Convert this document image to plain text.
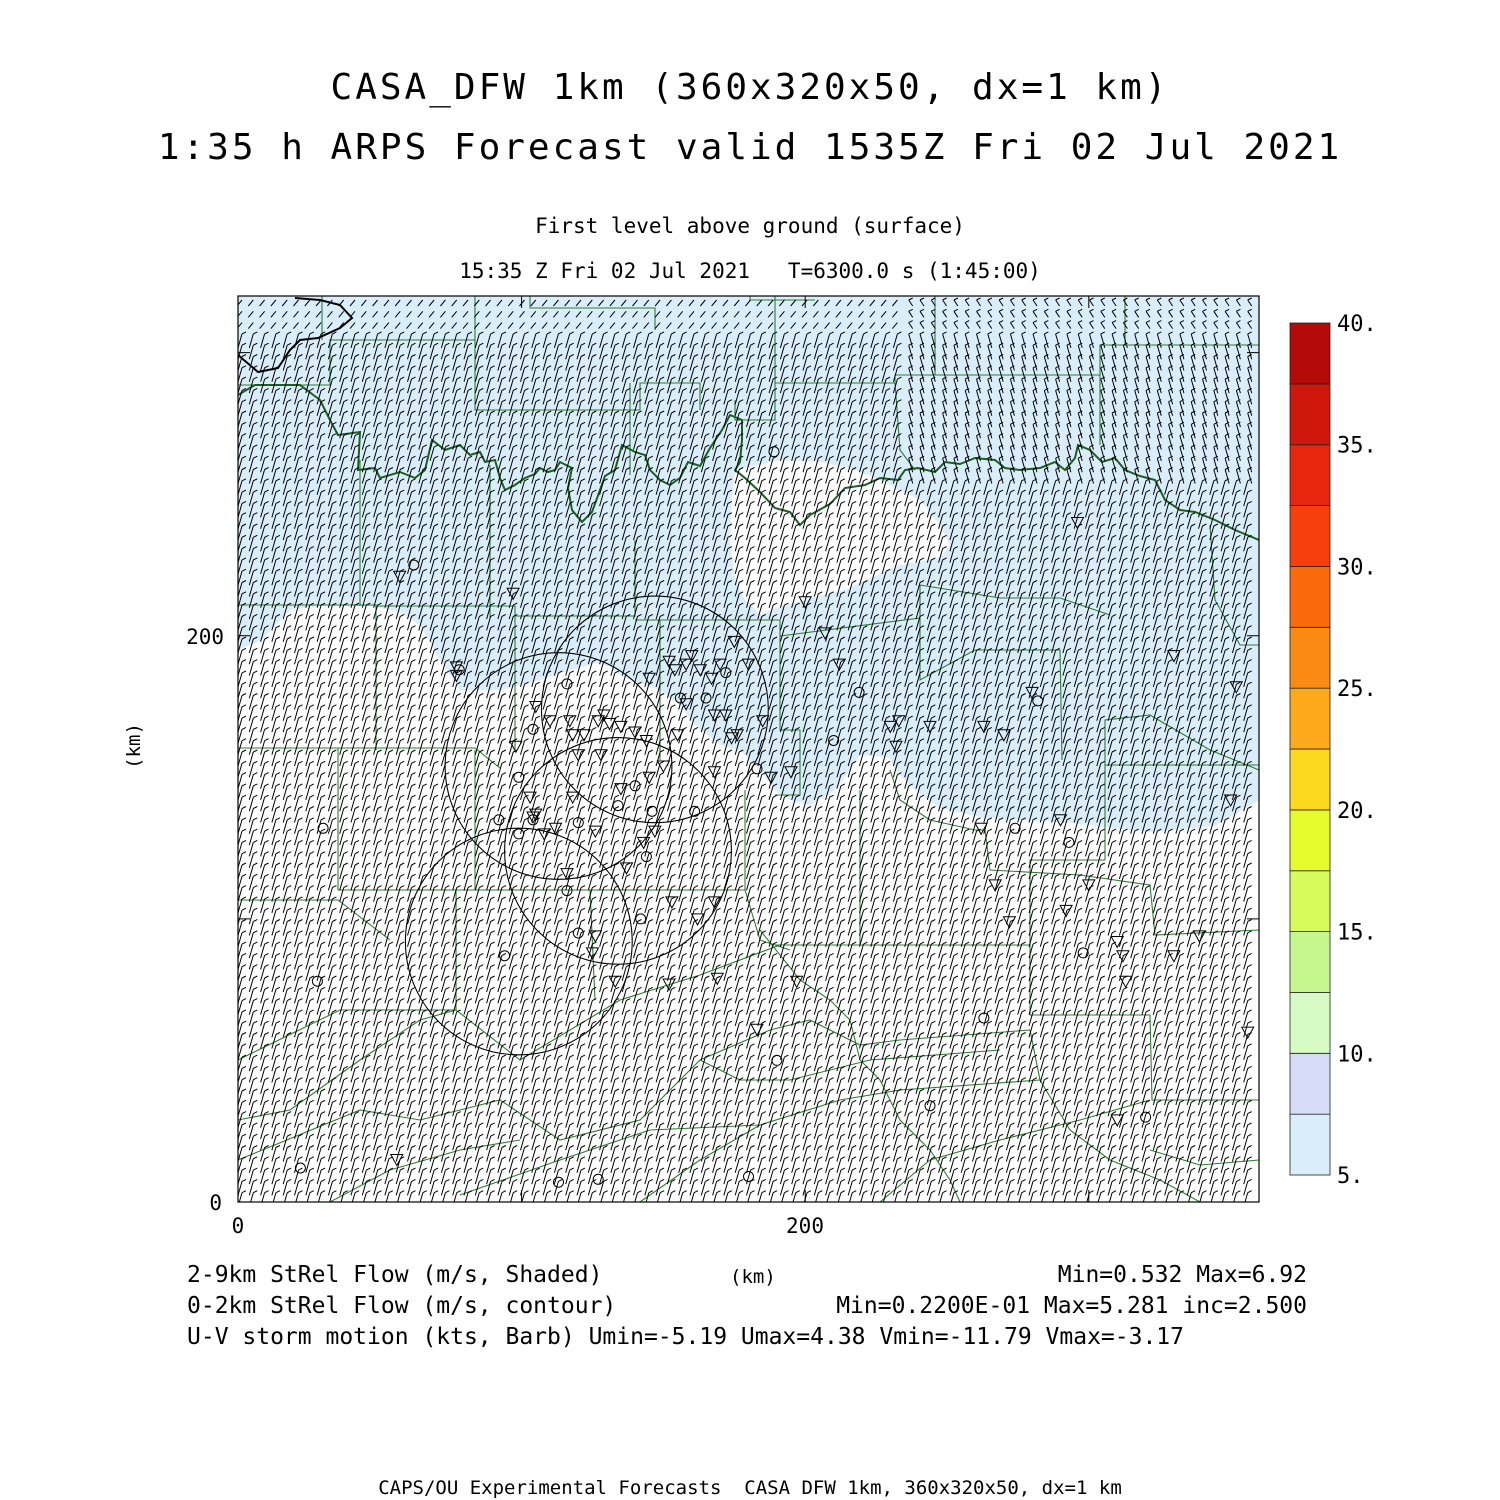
CASA_DFW 1km (360x320x50, dx=1 km)
1:35 h ARPS Forecast valid 1535Z Fri 02 Jul 2021
First level above ground (surface)
15:35 Z Fri 02 Jul 2021   T=6300.0 s (1:45:00)
5.
10.
15.
20.
25.
30.
35.
40.
0	200
0
200
(km)
2-9km StRel Flow (m/s, Shaded)	(km)	Min=0.532 Max=6.92
0-2km StRel Flow (m/s, contour)	Min=0.2200E-01 Max=5.281 inc=2.500
U-V storm motion (kts, Barb) Umin=-5.19 Umax=4.38 Vmin=-11.79 Vmax=-3.17
CAPS/OU Experimental Forecasts  CASA DFW 1km, 360x320x50, dx=1 km
